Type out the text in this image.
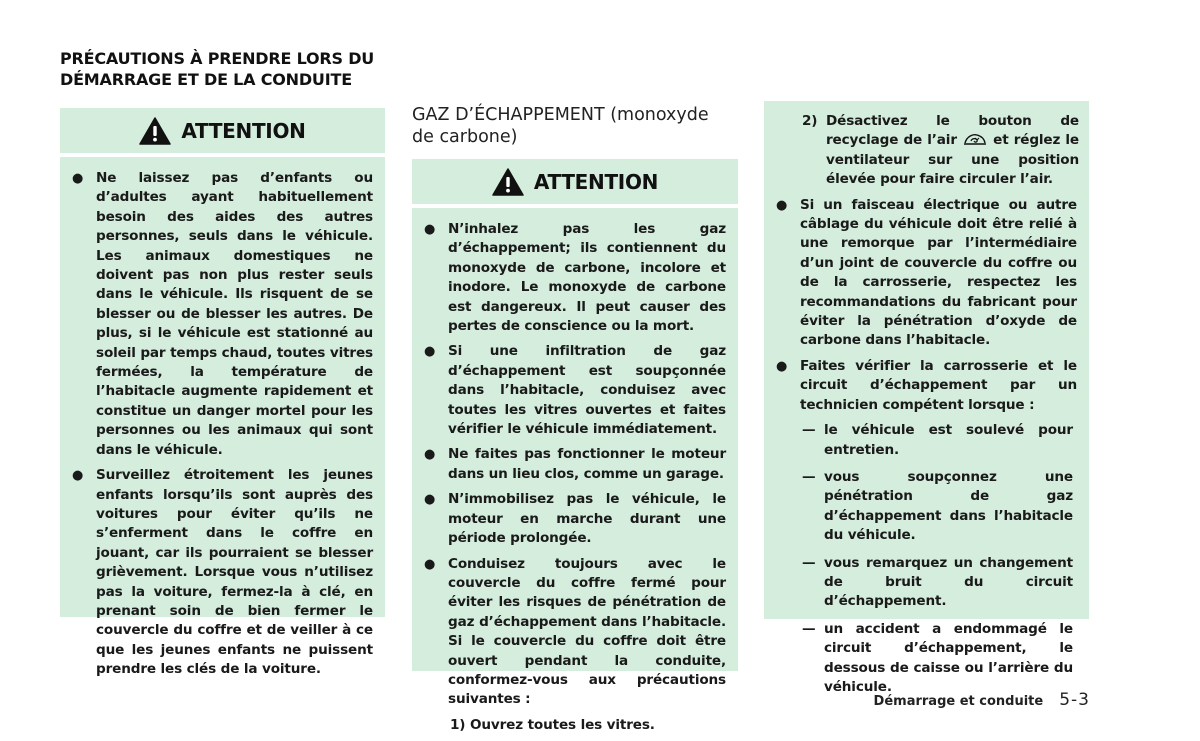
PRÉCAUTIONS À PRENDRE LORS DU
DÉMARRAGE ET DE LA CONDUITE
ATTENTION
● Ne laissez pas d’enfants ou d’adultes ayant habituellement besoin des aides des autres personnes, seuls dans le véhicule. Les animaux domestiques ne doivent pas non plus rester seuls dans le véhicule. Ils risquent de se blesser ou de blesser les autres. De plus, si le véhicule est stationné au soleil par temps chaud, toutes vitres fermées, la température de l’habitacle augmente rapidement et constitue un danger mortel pour les personnes ou les animaux qui sont dans le véhicule.
● Surveillez étroitement les jeunes enfants lorsqu’ils sont auprès des voitures pour éviter qu’ils ne s’enferment dans le coffre en jouant, car ils pourraient se blesser grièvement. Lorsque vous n’utilisez pas la voiture, fermez-la à clé, en prenant soin de bien fermer le couvercle du coffre et de veiller à ce que les jeunes enfants ne puissent prendre les clés de la voiture.
GAZ D’ÉCHAPPEMENT (monoxyde de carbone)
ATTENTION
● N’inhalez pas les gaz d’échappement; ils contiennent du monoxyde de carbone, incolore et inodore. Le monoxyde de carbone est dangereux. Il peut causer des pertes de conscience ou la mort.
● Si une infiltration de gaz d’échappement est soupçonnée dans l’habitacle, conduisez avec toutes les vitres ouvertes et faites vérifier le véhicule immédiatement.
● Ne faites pas fonctionner le moteur dans un lieu clos, comme un garage.
● N’immobilisez pas le véhicule, le moteur en marche durant une période prolongée.
● Conduisez toujours avec le couvercle du coffre fermé pour éviter les risques de pénétration de gaz d’échappement dans l’habitacle. Si le couvercle du coffre doit être ouvert pendant la conduite, conformez-vous aux précautions suivantes :
1) Ouvrez toutes les vitres.
2) Désactivez le bouton de recyclage de l’air	et réglez le ventilateur sur une position élevée pour faire circuler l’air.
● Si un faisceau électrique ou autre câblage du véhicule doit être relié à une remorque par l’intermédiaire d’un joint de couvercle du coffre ou de la carrosserie, respectez les recommandations du fabricant pour éviter la pénétration d’oxyde de carbone dans l’habitacle.
● Faites vérifier la carrosserie et le circuit d’échappement par un technicien compétent lorsque :
— le véhicule est soulevé pour entretien.
— vous soupçonnez une pénétration de gaz d’échappement dans l’habitacle du véhicule.
— vous remarquez un changement de bruit du circuit d’échappement.
— un accident a endommagé le circuit d’échappement, le dessous de caisse ou l’arrière du véhicule.
Démarrage et conduite 5-3
